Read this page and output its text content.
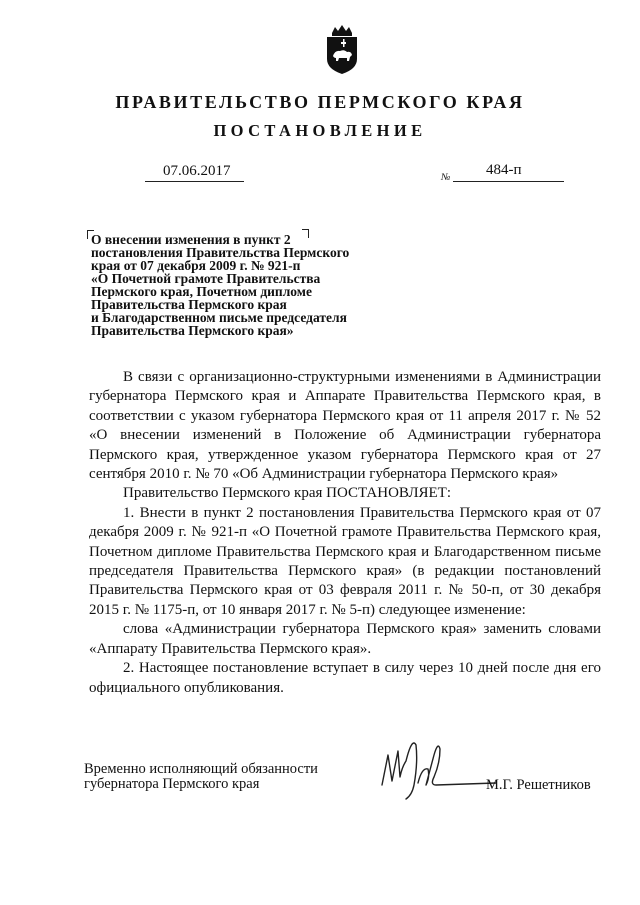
ПРАВИТЕЛЬСТВО ПЕРМСКОГО КРАЯ
ПОСТАНОВЛЕНИЕ
07.06.2017	№ 484-п
О внесении изменения в пункт 2
постановления Правительства Пермского
края от 07 декабря 2009 г. № 921-п
«О Почетной грамоте Правительства
Пермского края, Почетном дипломе
Правительства Пермского края
и Благодарственном письме председателя
Правительства Пермского края»

В связи с организационно-структурными изменениями в Администрации губернатора Пермского края и Аппарате Правительства Пермского края, в соответствии с указом губернатора Пермского края от 11 апреля 2017 г. № 52 «О внесении изменений в Положение об Администрации губернатора Пермского края, утвержденное указом губернатора Пермского края от 27 сентября 2010 г. № 70 «Об Администрации губернатора Пермского края»

Правительство Пермского края ПОСТАНОВЛЯЕТ:

1. Внести в пункт 2 постановления Правительства Пермского края от 07 декабря 2009 г. № 921-п «О Почетной грамоте Правительства Пермского края, Почетном дипломе Правительства Пермского края и Благодарственном письме председателя Правительства Пермского края» (в редакции постановлений Правительства Пермского края от 03 февраля 2011 г. № 50-п, от 30 декабря 2015 г. № 1175-п, от 10 января 2017 г. № 5-п) следующее изменение:

слова «Администрации губернатора Пермского края» заменить словами «Аппарату Правительства Пермского края».

2. Настоящее постановление вступает в силу через 10 дней после дня его официального опубликования.

Временно исполняющий обязанности
губернатора Пермского края	М.Г. Решетников
